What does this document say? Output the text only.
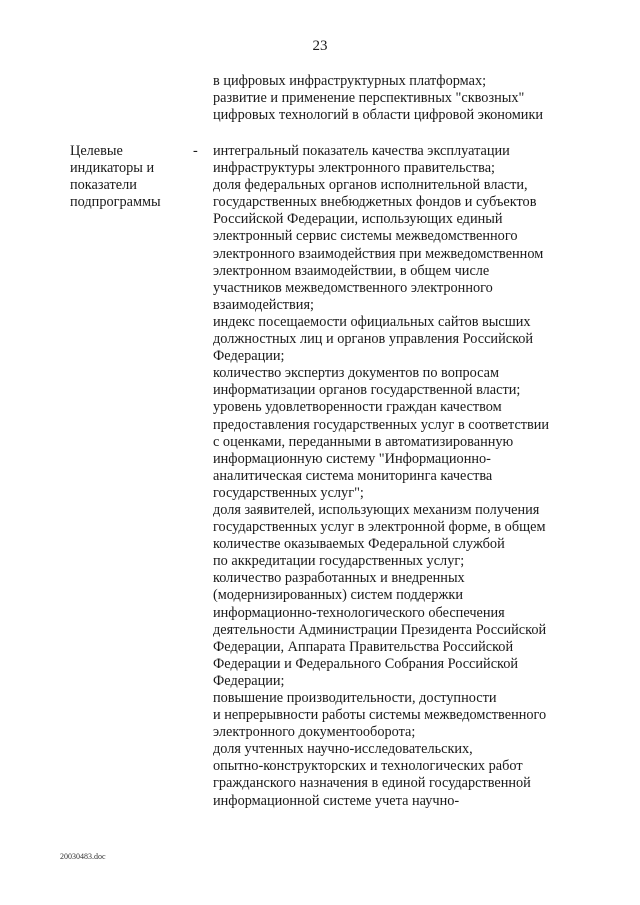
23
в цифровых инфраструктурных платформах;
развитие и применение перспективных "сквозных"
цифровых технологий в области цифровой экономики
Целевые
индикаторы и
показатели
подпрограммы
- интегральный показатель качества эксплуатации
инфраструктуры электронного правительства;
доля федеральных органов исполнительной власти,
государственных внебюджетных фондов и субъектов
Российской Федерации, использующих единый
электронный сервис системы межведомственного
электронного взаимодействия при межведомственном
электронном взаимодействии, в общем числе
участников межведомственного электронного
взаимодействия;
индекс посещаемости официальных сайтов высших
должностных лиц и органов управления Российской
Федерации;
количество экспертиз документов по вопросам
информатизации органов государственной власти;
уровень удовлетворенности граждан качеством
предоставления государственных услуг в соответствии
с оценками, переданными в автоматизированную
информационную систему "Информационно-
аналитическая система мониторинга качества
государственных услуг";
доля заявителей, использующих механизм получения
государственных услуг в электронной форме, в общем
количестве оказываемых Федеральной службой
по аккредитации государственных услуг;
количество разработанных и внедренных
(модернизированных) систем поддержки
информационно-технологического обеспечения
деятельности Администрации Президента Российской
Федерации, Аппарата Правительства Российской
Федерации и Федерального Собрания Российской
Федерации;
повышение производительности, доступности
и непрерывности работы системы межведомственного
электронного документооборота;
доля учтенных научно-исследовательских,
опытно-конструкторских и технологических работ
гражданского назначения в единой государственной
информационной системе учета научно-
20030483.doc
